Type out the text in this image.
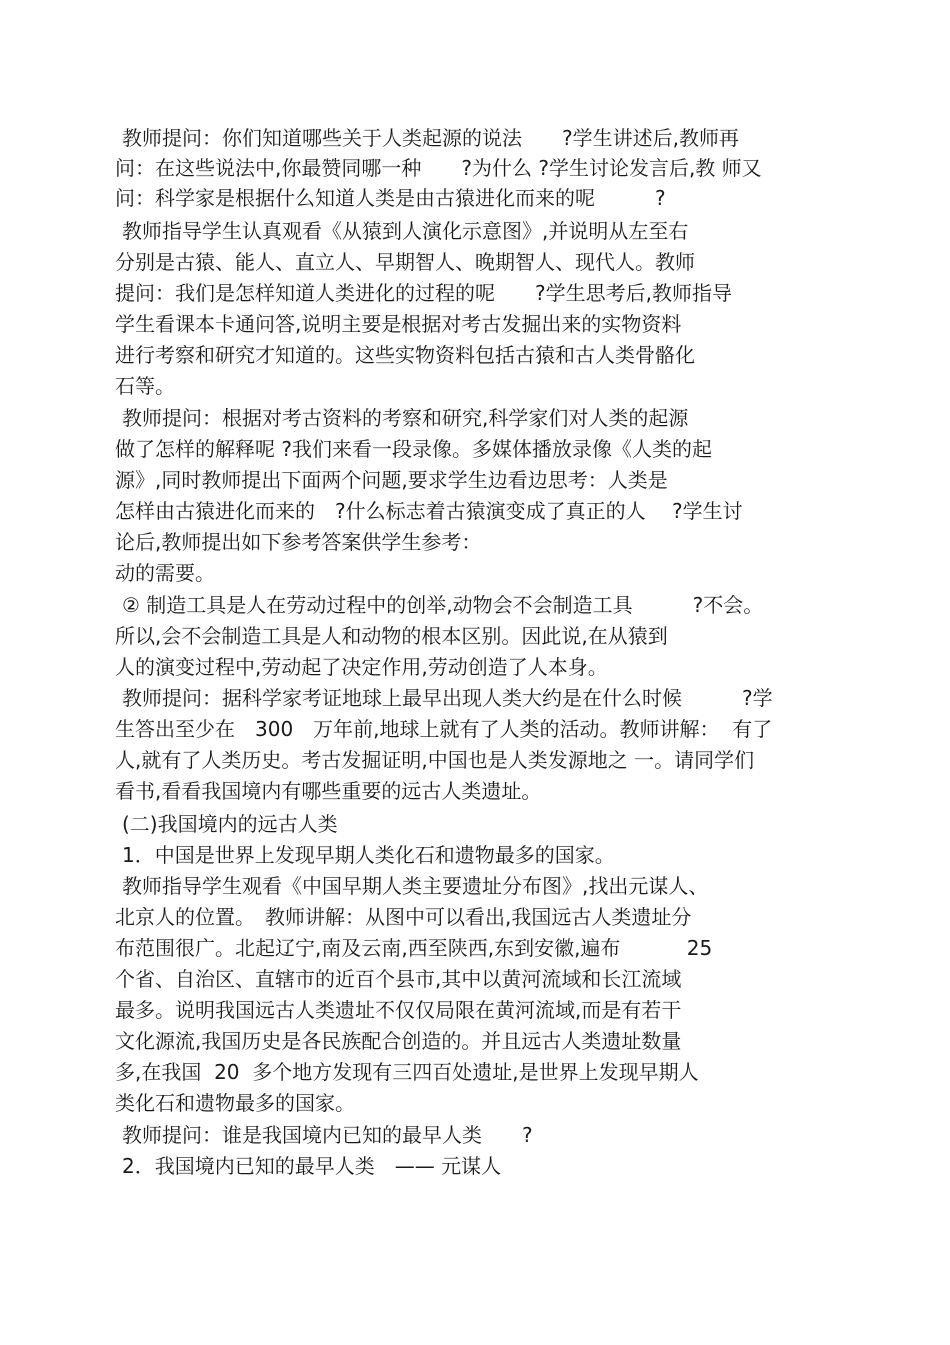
教师提问：你们知道哪些关于人类起源的说法　　?学生讲述后,教师再
问：在这些说法中,你最赞同哪一种　　?为什么 ?学生讨论发言后,教 师又
问：科学家是根据什么知道人类是由古猿进化而来的呢　　　?
教师指导学生认真观看《从猿到人演化示意图》,并说明从左至右
分别是古猿、能人、直立人、早期智人、晚期智人、现代人。教师
提问：我们是怎样知道人类进化的过程的呢　　?学生思考后,教师指导
学生看课本卡通问答,说明主要是根据对考古发掘出来的实物资料
进行考察和研究才知道的。这些实物资料包括古猿和古人类骨骼化
石等。
教师提问：根据对考古资料的考察和研究,科学家们对人类的起源
做了怎样的解释呢 ?我们来看一段录像。多媒体播放录像《人类的起
源》,同时教师提出下面两个问题,要求学生边看边思考：人类是
怎样由古猿进化而来的　?什么标志着古猿演变成了真正的人　 ?学生讨
论后,教师提出如下参考答案供学生参考：
动的需要。
② 制造工具是人在劳动过程中的创举,动物会不会制造工具　　　?不会。
所以,会不会制造工具是人和动物的根本区别。因此说,在从猿到
人的演变过程中,劳动起了决定作用,劳动创造了人本身。
教师提问：据科学家考证地球上最早出现人类大约是在什么时候　　　?学
生答出至少在　300　万年前,地球上就有了人类的活动。教师讲解：  有了
人,就有了人类历史。考古发掘证明,中国也是人类发源地之 一。请同学们
看书,看看我国境内有哪些重要的远古人类遗址。
(二)我国境内的远古人类
1．中国是世界上发现早期人类化石和遗物最多的国家。
教师指导学生观看《中国早期人类主要遗址分布图》,找出元谋人、
北京人的位置。　教师讲解：从图中可以看出,我国远古人类遗址分
布范围很广。北起辽宁,南及云南,西至陕西,东到安徽,遍布　　　 25
个省、自治区、直辖市的近百个县市,其中以黄河流域和长江流域
最多。说明我国远古人类遗址不仅仅局限在黄河流域,而是有若干
文化源流,我国历史是各民族配合创造的。并且远古人类遗址数量
多,在我国  20  多个地方发现有三四百处遗址,是世界上发现早期人
类化石和遗物最多的国家。
教师提问：谁是我国境内已知的最早人类　　?
2．我国境内已知的最早人类　—— 元谋人
